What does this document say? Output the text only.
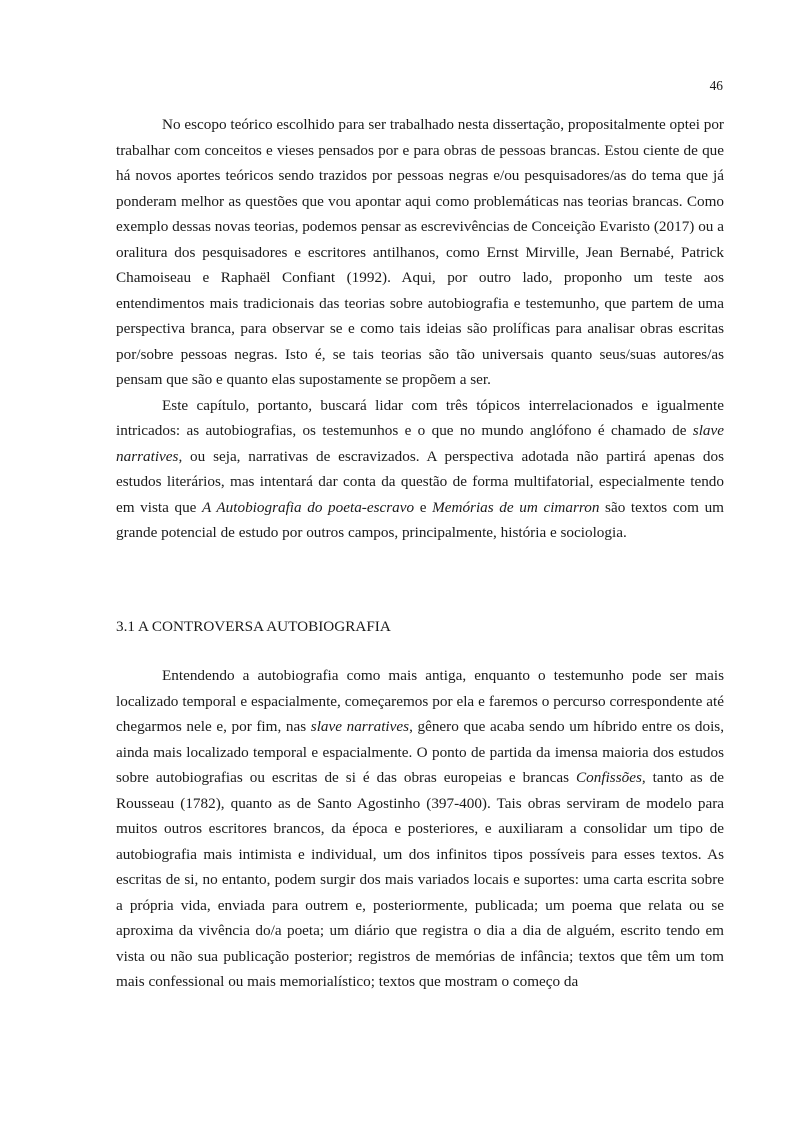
46

No escopo teórico escolhido para ser trabalhado nesta dissertação, propositalmente optei por trabalhar com conceitos e vieses pensados por e para obras de pessoas brancas. Estou ciente de que há novos aportes teóricos sendo trazidos por pessoas negras e/ou pesquisadores/as do tema que já ponderam melhor as questões que vou apontar aqui como problemáticas nas teorias brancas. Como exemplo dessas novas teorias, podemos pensar as escrevivências de Conceição Evaristo (2017) ou a oralitura dos pesquisadores e escritores antilhanos, como Ernst Mirville, Jean Bernabé, Patrick Chamoiseau e Raphaël Confiant (1992). Aqui, por outro lado, proponho um teste aos entendimentos mais tradicionais das teorias sobre autobiografia e testemunho, que partem de uma perspectiva branca, para observar se e como tais ideias são prolíficas para analisar obras escritas por/sobre pessoas negras. Isto é, se tais teorias são tão universais quanto seus/suas autores/as pensam que são e quanto elas supostamente se propõem a ser.

Este capítulo, portanto, buscará lidar com três tópicos interrelacionados e igualmente intricados: as autobiografias, os testemunhos e o que no mundo anglófono é chamado de slave narratives, ou seja, narrativas de escravizados. A perspectiva adotada não partirá apenas dos estudos literários, mas intentará dar conta da questão de forma multifatorial, especialmente tendo em vista que A Autobiografia do poeta-escravo e Memórias de um cimarron são textos com um grande potencial de estudo por outros campos, principalmente, história e sociologia.

3.1 A CONTROVERSA AUTOBIOGRAFIA

Entendendo a autobiografia como mais antiga, enquanto o testemunho pode ser mais localizado temporal e espacialmente, começaremos por ela e faremos o percurso correspondente até chegarmos nele e, por fim, nas slave narratives, gênero que acaba sendo um híbrido entre os dois, ainda mais localizado temporal e espacialmente. O ponto de partida da imensa maioria dos estudos sobre autobiografias ou escritas de si é das obras europeias e brancas Confissões, tanto as de Rousseau (1782), quanto as de Santo Agostinho (397-400). Tais obras serviram de modelo para muitos outros escritores brancos, da época e posteriores, e auxiliaram a consolidar um tipo de autobiografia mais intimista e individual, um dos infinitos tipos possíveis para esses textos. As escritas de si, no entanto, podem surgir dos mais variados locais e suportes: uma carta escrita sobre a própria vida, enviada para outrem e, posteriormente, publicada; um poema que relata ou se aproxima da vivência do/a poeta; um diário que registra o dia a dia de alguém, escrito tendo em vista ou não sua publicação posterior; registros de memórias de infância; textos que têm um tom mais confessional ou mais memorialístico; textos que mostram o começo da
